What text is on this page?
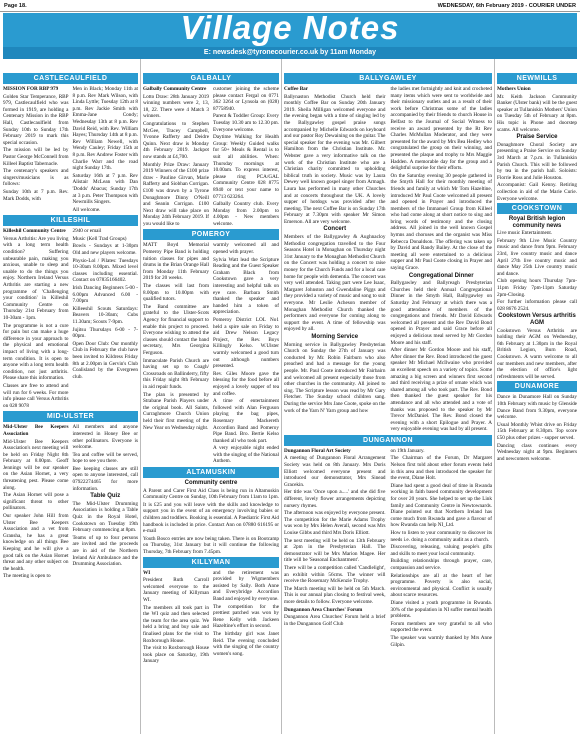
Page 18.	WEDNESDAY, 6th February 2019 - COURIER UNDER
Village Notes
E: newsdesk@tyronecourier.co.uk by 11am Monday
CASTLECAULFIELD

MISSION FOR RBP 979

Golden Star Temperance, RBP 979, Castlecaulfield who was formed in 1919, are holding a Centenary Mission in the RBP Hall, Castlecaulfield from Sunday 10th to Sunday 17th February 2019 to mark this special occasion.

The mission will be led by Pastor George McConnell from Killeel Baptist Tabernacle.

The centenary's speakers and singers/musicians is as follows:

Sunday 10th at 7 p.m. Rev. Mark Dodds, with

Men in Black; Monday 11th at 8 p.m. Rev Mark Wilson, with Linda Lyttle; Tuesday 12th at 8 p.m. Rev Jackie Smith with Emma-Jane Condy; Wednesday 13th at 8 p.m. Rev David Reid, with Rev. William Hayes; Thursday 14th at 8 p.m. Rev William Newell, with Wendy Cauley; Friday 15th at 8 p.m. Rev Andrew Foster with Charlie Warr and the road night Sunday 17th.

Saturday 16th at 7 p.m. Rev Alistair McLean with Dan 'Dodds' Abacus; Sunday 17th at 3 p.m. Peter Thompson with Newmills Singers.

All welcome.

KILLESHIL

Killeshil Community Centre

Versus Arthritis: Are you living with a long term health condition? Suffering unbearable pain, making you anxious, unable to sleep and unable to do the things you enjoy. Northern Ireland Versus Arthritis are starting a new programme of 'Challenging your condition' in Killeshil Community Centre on Thursday 21st February from 10-30am - 1pm.

The programme is not a cure for pain but can make a huge difference in your approach to the physical and emotional impact of living with a long-term condition. It is open to anyone with a long term health condition, not just arthritis. Please share this information.

Classes are free to attend and will run for 6 weeks. For more info please call Versus Arthritis on 028 9078

2940 or email

Music (Kell Trad Groups)

Bowls - Sundays at 1-30pm Old and new players welcome.

Physio-Lol / Pilates: Tuesdays 10-30am 8.00pm. Mixed level classes including essential. Contact on 07835166402.

Irish Dancing Beginners 5-00 - 6.00pm Advanced 6.00 - 7.00pm

Killeeshil Scouts Saturdays: Beavers 10-30am; Cubs 11.30am; Scouts 7-9pm.

Jujitsu Thursdays 6-00 - 7-00pm.

Open Door Club: Our monthly Club in February the club have been invited to Kildress Friday 8th at 2.00pm in Gervin's Club Coalisland by the Evergreen club.

MID-ULSTER

Mid-Ulster Bee Keepers Association

Mid-Ulster Bee Keepers Association's next meeting will be held on Friday Night 8th February at 8.00pm. Geoff Jennings will be our speaker on the Asian Hornet, a very threatening pest. Please come along.

The Asian Hornet will pose a significant threat to other pollinators.

Our speaker John Hill from Ulster Bee Keepers Association and a vet from Gransha, he has a great knowledge on all things Bee Keeping and he will give a good talk on the Asian Hornet threat and any other subject on the health.

The meeting is open to

All members and anyone interested in Honey Bee or other pollinators. Everyone is welcome.

Tea and coffee will be served, hope to see you there.

Bee keeping classes are still open to anyone interested, call 07922274465 for more information.

Table Quiz

The Mid-Ulster Drumming Association is holding a Table Quiz in the Royal Hotel, Cookstown on Tuesday 19th February commencing at 8pm.

Teams of up to four persons are invited and the proceeds are in aid of the Northern Ireland Air Ambulance and the Drumming Association.

GALBALLY

Galbally Community Centre

Lotto Draw: 28th January 2019 winning numbers were 2, 13, 18, 22. There were 4 Match 3 winners.

Congratulations to Stephen McGee, Tracey Campbell, Yvonne Rafferty and Deidre Quinn. Next draw is Monday 4th February 2019. Jackpot now stands at £4,700.

Monthly Prize Draw: January 2019 Winners of the £100 prize draw - Pauline Girvan, Marie Rafferty and Siobhan Corrigan. £100 was drawn by a Tyrone Donaghmore Dinny O'Neill and Seanin Corrigan. £100 Next draw will take place on Monday 24th February 2019. If you would like to

customer joining the scheme please contact Fergal on 0771 362 3264 or Lynsola on (028) 87758940.

Parent & Toddler Group: Every Tuesday 10.30 am to 12.30 pm. Everyone welcome.

Daytime Walking for Health Group: Weekly Guided walks for 50+ Meals & Rental is to suit all abilities. When: Thursday mornings at 10.00am. To express interest, please ring PCA/GAL Community Centre 028 8775 8940 or text your name to 07713 623264.

Galbally Country club. Every Monday from 2.00pm to 4.00pm - New members welcome.

POMEROY

MATT Boyd Memorial Pomeroy Pipe Band is holding tuition classes for pipes and drums in the Brian Orange Hall from Monday 11th February 2019 for 20 weeks.

The classes will last from 8.00pm to 10.00pm with qualified tutors.

The Band committee are grateful to the Ulster-Scots Agency for financial support to enable this project to proceed. Everyone wishing to attend the classes should contact the band secretary, Mrs Georgina Ferguson.

Immaculate Parish Church are having set up to Coagh/ Crossroads on Ballinderry, fifty this Friday night 8th February in aid repair funds.

The plan is presented by Strabane Parish Players under the original book. All Saints, Curraghmore Church Union held their first meeting of the New Year on Wednesday night.

warmly welcomed all and opened with prayer.

Sylvia Watt lead the Scripture Reading and the Guest Speaker Graham Black from Cookstown gave a very interesting and helpful talk on eye care. Barbara Smith thanked the speaker and handed him a token of appreciation.

Pomeroy District LOL No1 held a spire sale on Friday to aid Drew Nelson Legacy Project, the Rev. Boys Killingly Kelso. W.Ulster warmly welcomed a good turn out although numbers presented.

Rev. Giles Moore gave the blessing for the food before all enjoyed a lovely supper of tea and coffee.

A time of entertainment followed with Alan Ferguson playing the bag pipes, Rosemary Mackereth Accordion Band and Pomeroy Pipe Band. Bro. Bertie Kelso thanked all who took part.

A very enjoyable night ended with the singing of the National Anthem.

ALTAMUSKIN

Community centre

A Parent and Carer First Aid Class is being run in Altamuskin Community Centre on Sunday, 10th February from 11am to 1pm.

It is £25 and you will leave with the skills and knowledge to support you in the event of an emergency involving babies or children and toddlers. Booking is essential. A Paediatric First Aid handbook is included in price. Contact Ann on 07880 616195 or e-mail

Youth Bosco entries are now being taken. There is on Bootcamp on Thursday, 31st January but it will continue the following Thursday, 7th February from 7.45pm.

KILLYMAN

WI

President Ruth Carroll welcomed everyone to the January meeting of Killyman WI.

The members all took part in the WI quiz and then selected the team for the area quiz. We held a bring and buy sale and finalised plans for the visit to Roxborough House.

The visit to Roxborough House took place on Saturday, 19th January

and the retirement was provided by Wigmembers assisted by Sally. Both Anne and Everybridge Accordion Band and enjoyed by everyone.

The competition for the prettiest patched was won by Rene Kelly with Jackeen Hazeltine's effort in second.

The birthday girl was Janet Reid. The evening concluded with the singing of the country women's song.

BALLYGAWLEY

Coffee Bar

Ballynaston Methodist Church held their monthly Coffee Bar on Sunday 20th January 2019. Sheila Milligan welcomed everyone and the evening began with a time of singing led by the Ballygawley gospel praise songs accompanied by Michelle Edwards on keyboard and our pastor Roy Dewaining on the guitar. The special speaker for the evening was Mr. Gilbert Hamilton from the Christian Institute. Mr. Webster gave a very informative talk on the work of the Christian Institute who are a Christian charity committed to upholding biblical truth in society. Music was by Laura Dewey well known gospel singer from Armagh. Laura has performed in many other Churches and at concerts throughout the UK. A lovely supper of hotdogs was provided after the meeting. The next Coffee Bar is on Sunday 17th February at 7.30pm with speaker Mr Simon Emerson. All are very welcome.

Concert

Members of the Ballygawley & Aughnacloy Methodist congregation travelled to the Four Seasons Hotel in Monaghan on Thursday night 31st January to the Monaghan Methodist Church on the Concert was holding a concert to raise money for the Church Funds and for a local care home for people with dementia. The concert was very well attended. Taking part were Lee Isaac, Margaret Johnston and Gwendaline Piggs and they provided a variety of music and song to suit everyone. Mr Leslie Acheson member of Monaghan Methodist Church thanked the performers and everyone for coming along to support the event. A time of fellowship was enjoyed by all.

Morning Service

Morning service in Ballygawley Presbyterian Church on Sunday the 27th of January was conducted by Mr. Robin Fairburn who also preached and had a message for the young people. Mr. Paul Coote introduced Mr Fairbairn and welcomed all present especially those from other churches in the community. All joined to sing. The Scripture lesson was read by Mr Gary Fletcher. The Sunday school children sang. During the service Mrs Jane Coote, spoke on the work of the Yarn N' Yarn group and how

the ladies met fortnightly and knit and crocheted many items which were sent to worldwide and their missionary outlets and as a result of their work before Christmas some of the ladies accompanied by their friends to church House in Belfast to the Journal of Social Witness to receive an award presented by the Rt Rev Charles McMullan Moderator, and they were presented for the award by Mrs Bea Hedley who congratulated the group on their winning, and presented the plaque and trophy to Mrs Maggie Hadden. A memorable day for the group and a delightful surprise for their efforts.

On the Saturday evening 30 people gathered in the Smyth Hall for their monthly meeting of friends and family at which Mr Tom Hazeltine, introduced Mr Paul Coote welcomed all present and opened in Prayer and introduced the members of the Immanuel Group from Killeel who had come along at short notice to sing and bring words of testimony and the closing address. All joined in the well known Gospel hymns and choruses and the organist was Miss Rebecca Donaldson. The offering was taken up by David and Randy Bailey. At the close of the meeting all were entertained to a delicious supper and Mr Paul Coote closing in Prayer and saying Grace.

Congregational Dinner

Ballygawley and Ballyreagh Presbyterian Churches held their Annual Congregational Dinner in the Smyth Hall, Ballygawley on Saturday 2nd February at which there was a good attendance of members of the congregations and friends. Mr David Edwards welcomed all present and the Rev David Bond opened in Prayer and said Grace before all enjoyed a delicious meal served by Mr Gordon Moore and his staff.

After dinner Mr Gordon Moore and his staff, After dinner the Rev. Bond introduced the guest speaker Mr Michael McIlwaine who provided an excellent speech on a variety of topics. Some amazing a big screen and winners first second and third receiving a prize of ornate which was shared among all who took part. The Rev. Bond then thanked the guest speaker for his attendance and all who attended and a vote of thanks was proposed to the speaker by Mr Trevor McDaniel. The Rev. Bond closed the evening with a short Epilogue and Prayer. A very enjoyable evening was had by all present.

DUNGANNON

Dungannon Floral Art Society

A meeting of Dungannon Floral Arrangement Society was held on 8th January. Mrs Doris Elliott welcomed everyone present and introduced our demonstrator, Mrs Sinead Gracekin.

Her title was 'Once upon a.....' and she did five different, lovely flower arrangements depicting nursery rhymes.

The afternoon was enjoyed by everyone present. The competition for the Marie Adams Trophy was won by Mrs Helen Averall, second was Mrs Louise Gibbs and third Mrs Doris Elliott.

The next meeting will be held on 13th February at 2pm in the Presbyterian Hall. The demonstrator will be Mrs Marion Magee. Her title will be 'Seasonal Enchantment'.

There will be a competition called 'Candlelight', an exhibit within 56cms. The winner will receive the Rosemary McKenzie Trophy.

The March meeting will be held on 5th March. This is our annual plan closing to festival week, more details to follow. Everyone welcome.

Dungannon Area Churches' Forum

Dungannon Area Churches' Forum held a brief in the Dungannon Golf Club

on 19th January.

The Chairman of the Forum, Dr Margaret Nelson first told about other forum events held in this area and then introduced the speaker for the event, Diane Holt.

Diane had spent a good deal of time in Rwanda working in faith based community development for over 20 years. She helped to set up the Link family and Community Centre in Newtownards. Diane pointed out that Northern Ireland has come much from Rwanda and gave a flavour of how Rwanda can help NI_Ltd.

How to listen to your community to discover its needs i.e. doing a community audit as a church.

Discovering, releasing, valuing people's gifts and skills to meet your local community.

Building relationships through prayer, care, compassion and service.

Relationships are all at the heart of her programme. Poverty is also social, environmental and physical. Conflict is usually about scarce resources.

Diane visited a youth programme in Rwanda. 30% of the population in NI suffer mental health problems.

Forum members are very grateful to all who supported the event.

The speaker was warmly thanked by Mrs Anne Gilpin.

NEWMILLS

Mothers Union

Mr. Keith Jackson Community Banker (Ulster bank) will be the guest speaker at Tullaniskin Mothers' Union on Tuesday 5th of February at 8pm. His topic is Phone and doorstep scams. All welcome.

Praise Service

Donaghmore Choral Society are presenting a Praise Service on Sunday 3rd March at 7.p.m. in Tullaniskin Parish Church. This will be followed by tea in the parish hall. Soloists: Florrie Ross and Julie Houston.

Accompanist: Gail Kenny. Retiring collection in aid of the Marie Curie. Everyone welcome.

COOKSTOWN

Royal British legion community news

Live music Entertainment.

February 9th Live Music Country music and dance from 9pm. February 23rd, live country music and dance April 27th live country music and dance May 25th Live country music and dance.

Club opening hours Thursday 7pm-11pm Friday 7pm-11pm Saturday 2pm-Closing.

For further information please call 028 8676 2524.

Cookstown Versus arthritis AGM

Cookstown Versus Arthritis are holding their AGM on Wednesday, 6th February at 1.30pm in the Royal British Legion, Burn Road, Cookstown. A warm welcome to all our members and new members, after the election of office's light refreshments will be served.

DUNAMORE

Dance in Dunamore Hall on Sunday 10th February with music by Glenside Dance Band from 9.30pm, everyone welcome.

Usual Monthly Whist drive on Friday 15th February at 8.30pm. Top score £50 plus other prizes - supper served.

Dancing class continues every Wednesday night at 9pm. Beginners and newcomers welcome.
